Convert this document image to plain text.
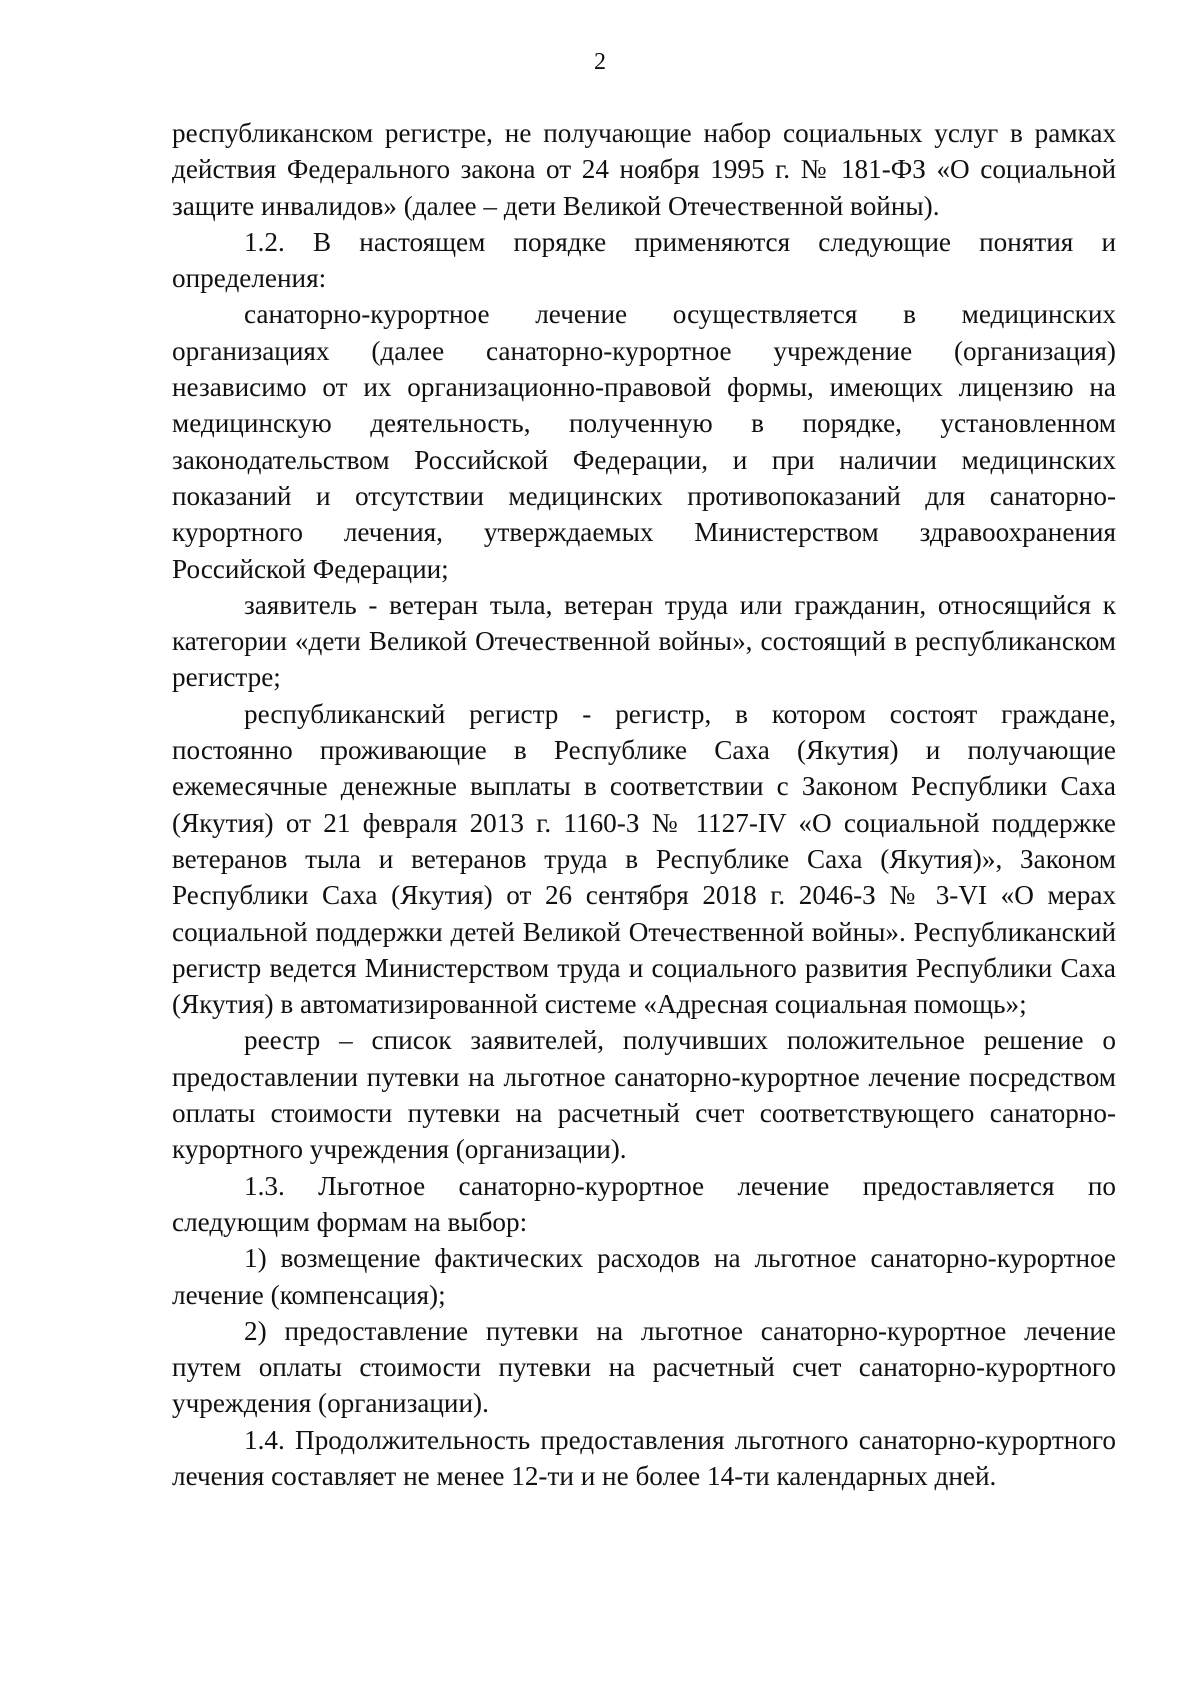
2

республиканском регистре, не получающие набор социальных услуг в рамках действия Федерального закона от 24 ноября 1995 г. № 181-ФЗ «О социальной защите инвалидов» (далее – дети Великой Отечественной войны).

1.2. В настоящем порядке применяются следующие понятия и определения:

санаторно-курортное лечение осуществляется в медицинских организациях (далее санаторно-курортное учреждение (организация) независимо от их организационно-правовой формы, имеющих лицензию на медицинскую деятельность, полученную в порядке, установленном законодательством Российской Федерации, и при наличии медицинских показаний и отсутствии медицинских противопоказаний для санаторно-курортного лечения, утверждаемых Министерством здравоохранения Российской Федерации;

заявитель - ветеран тыла, ветеран труда или гражданин, относящийся к категории «дети Великой Отечественной войны», состоящий в республиканском регистре;

республиканский регистр - регистр, в котором состоят граждане, постоянно проживающие в Республике Саха (Якутия) и получающие ежемесячные денежные выплаты в соответствии с Законом Республики Саха (Якутия) от 21 февраля 2013 г. 1160-З № 1127-IV «О социальной поддержке ветеранов тыла и ветеранов труда в Республике Саха (Якутия)», Законом Республики Саха (Якутия) от 26 сентября 2018 г. 2046-З № 3-VI «О мерах социальной поддержки детей Великой Отечественной войны». Республиканский регистр ведется Министерством труда и социального развития Республики Саха (Якутия) в автоматизированной системе «Адресная социальная помощь»;

реестр – список заявителей, получивших положительное решение о предоставлении путевки на льготное санаторно-курортное лечение посредством оплаты стоимости путевки на расчетный счет соответствующего санаторно-курортного учреждения (организации).

1.3. Льготное санаторно-курортное лечение предоставляется по следующим формам на выбор:

1) возмещение фактических расходов на льготное санаторно-курортное лечение (компенсация);

2) предоставление путевки на льготное санаторно-курортное лечение путем оплаты стоимости путевки на расчетный счет санаторно-курортного учреждения (организации).

1.4. Продолжительность предоставления льготного санаторно-курортного лечения составляет не менее 12-ти и не более 14-ти календарных дней.
